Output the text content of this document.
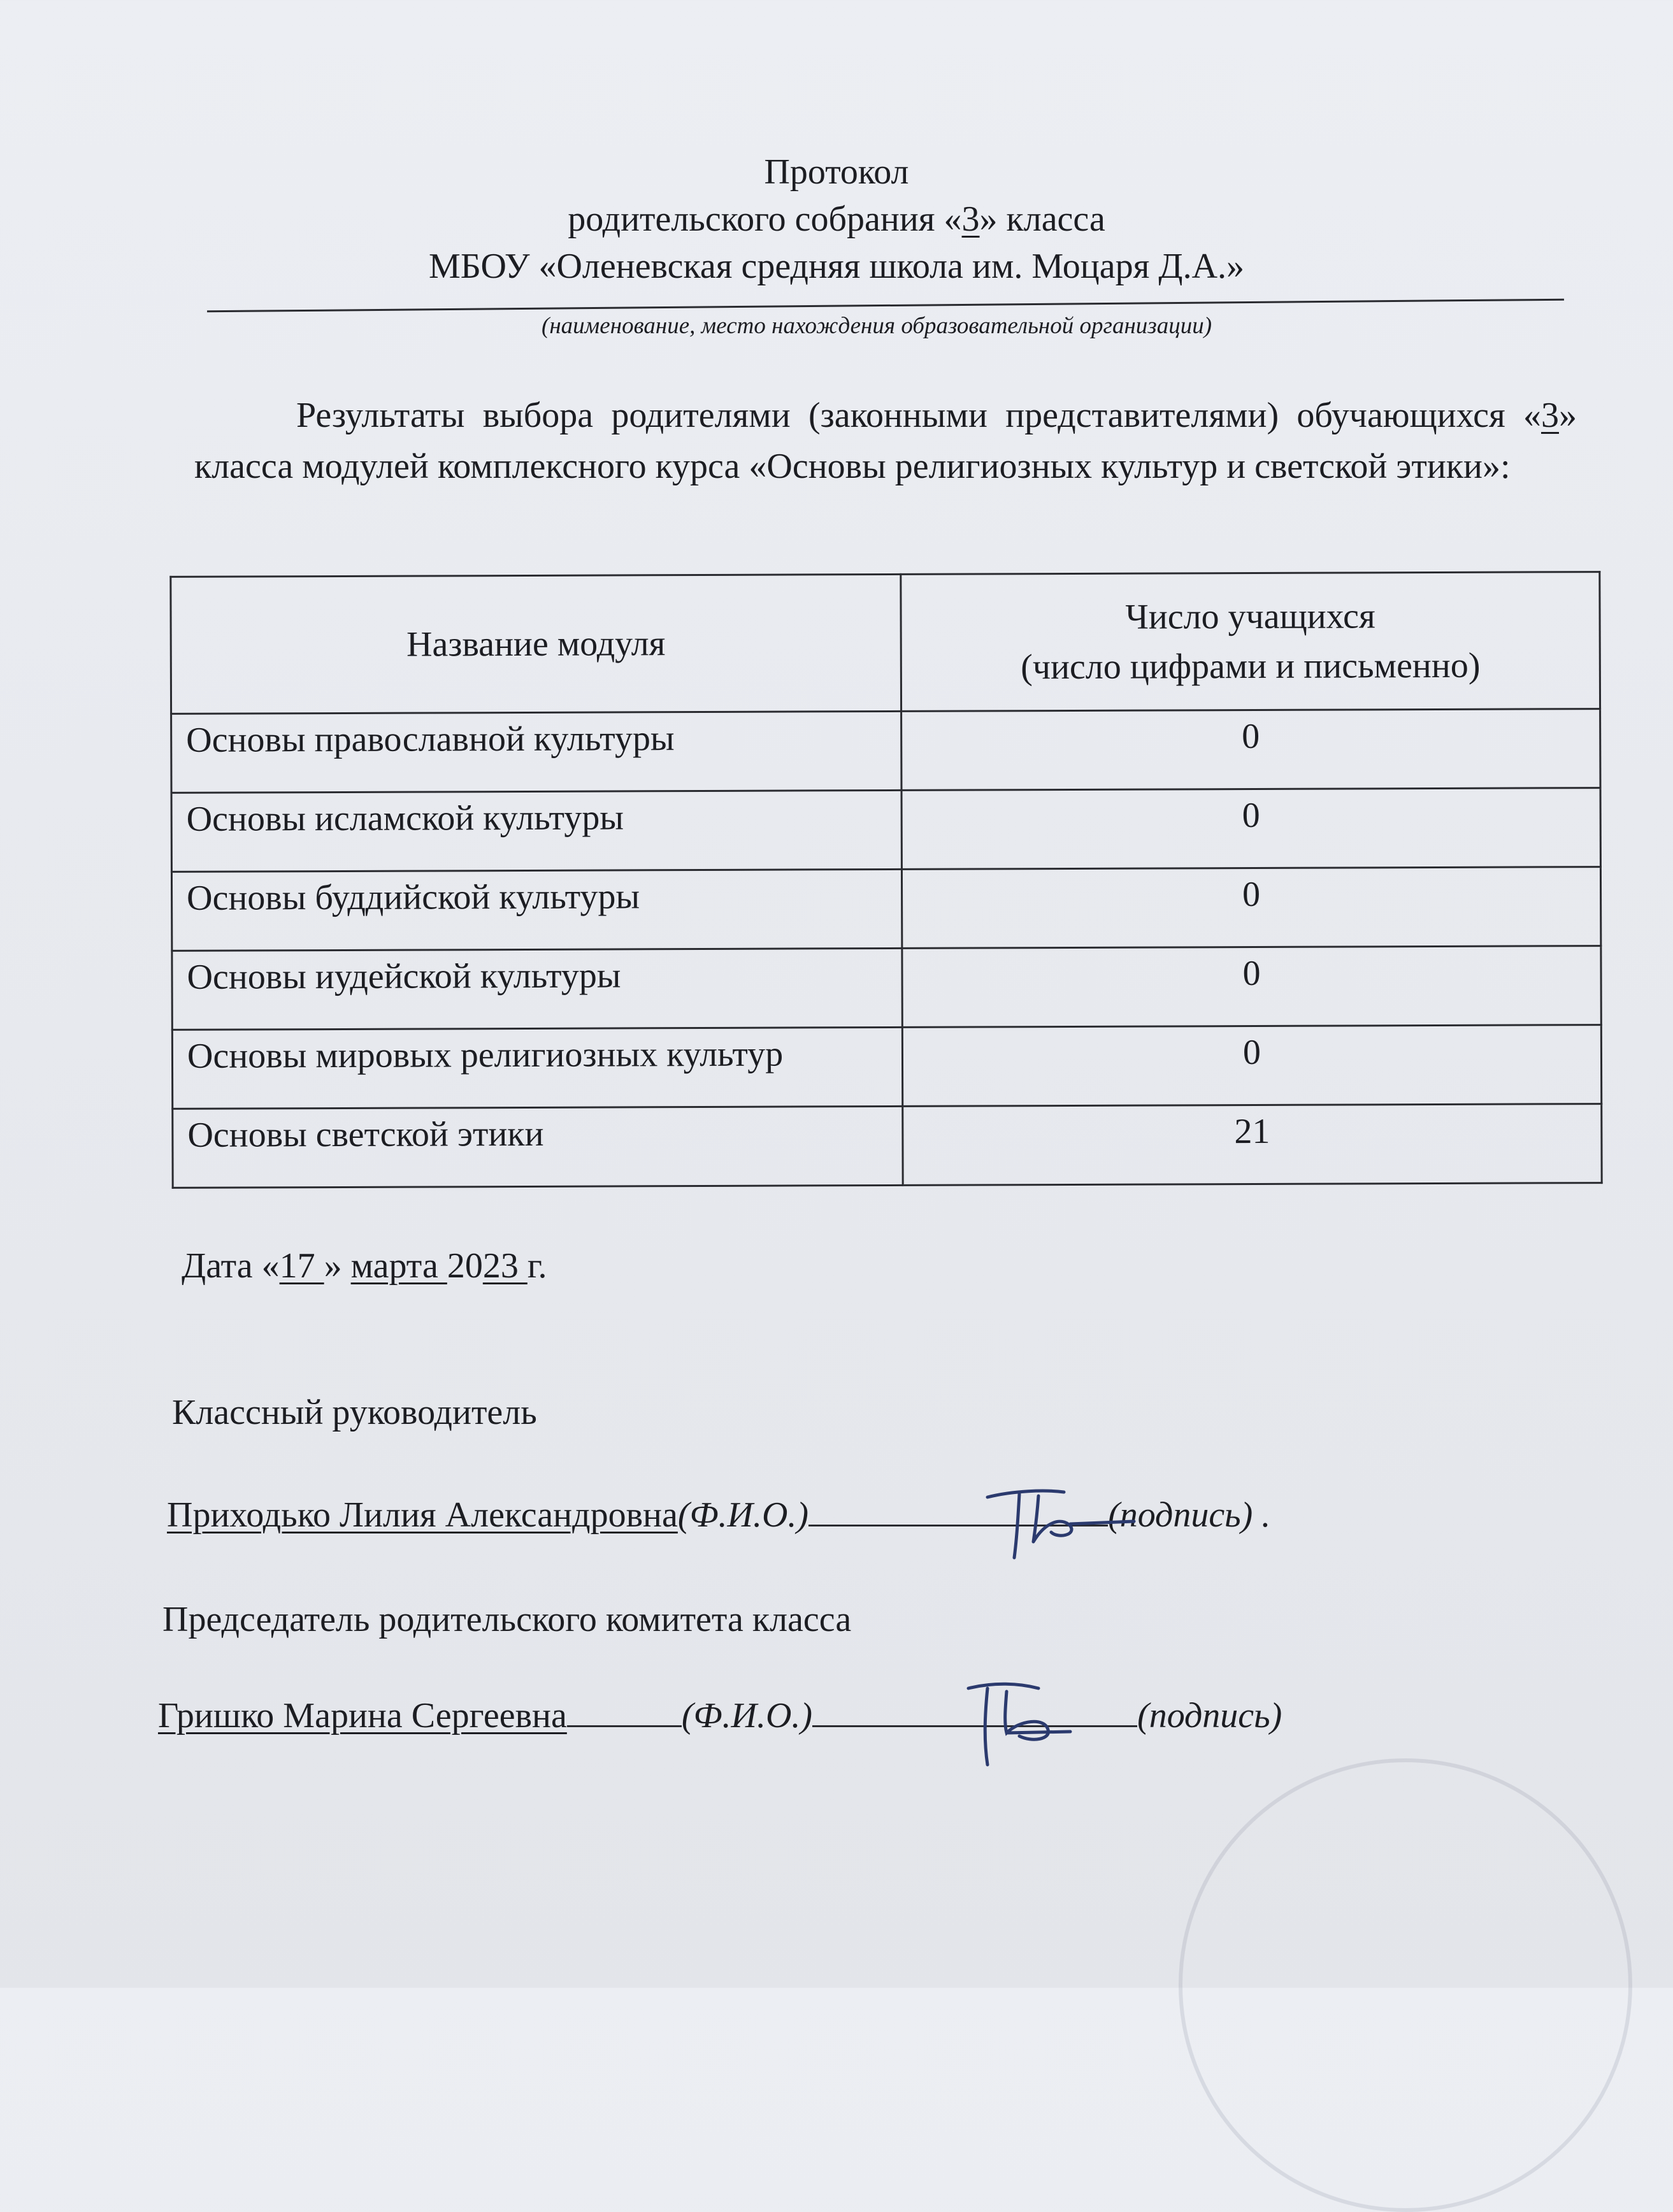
Протокол
родительского собрания «3» класса
МБОУ «Оленевская средняя школа им. Моцаря Д.А.»
(наименование, место нахождения образовательной организации)
Результаты выбора родителями (законными представителями) обучающихся «3» класса модулей комплексного курса «Основы религиозных культур и светской этики»:
Название модуля	Число учащихся
(число цифрами и письменно)
Основы православной культуры	0
Основы исламской культуры	0
Основы буддийской культуры	0
Основы иудейской культуры	0
Основы мировых религиозных культур	0
Основы светской этики	21
Дата «17 » марта 2023 г.
Классный руководитель
Приходько Лилия Александровна(Ф.И.О.)	(подпись) .
Председатель родительского комитета класса
Гришко Марина Сергеевна	(Ф.И.О.)	(подпись)
